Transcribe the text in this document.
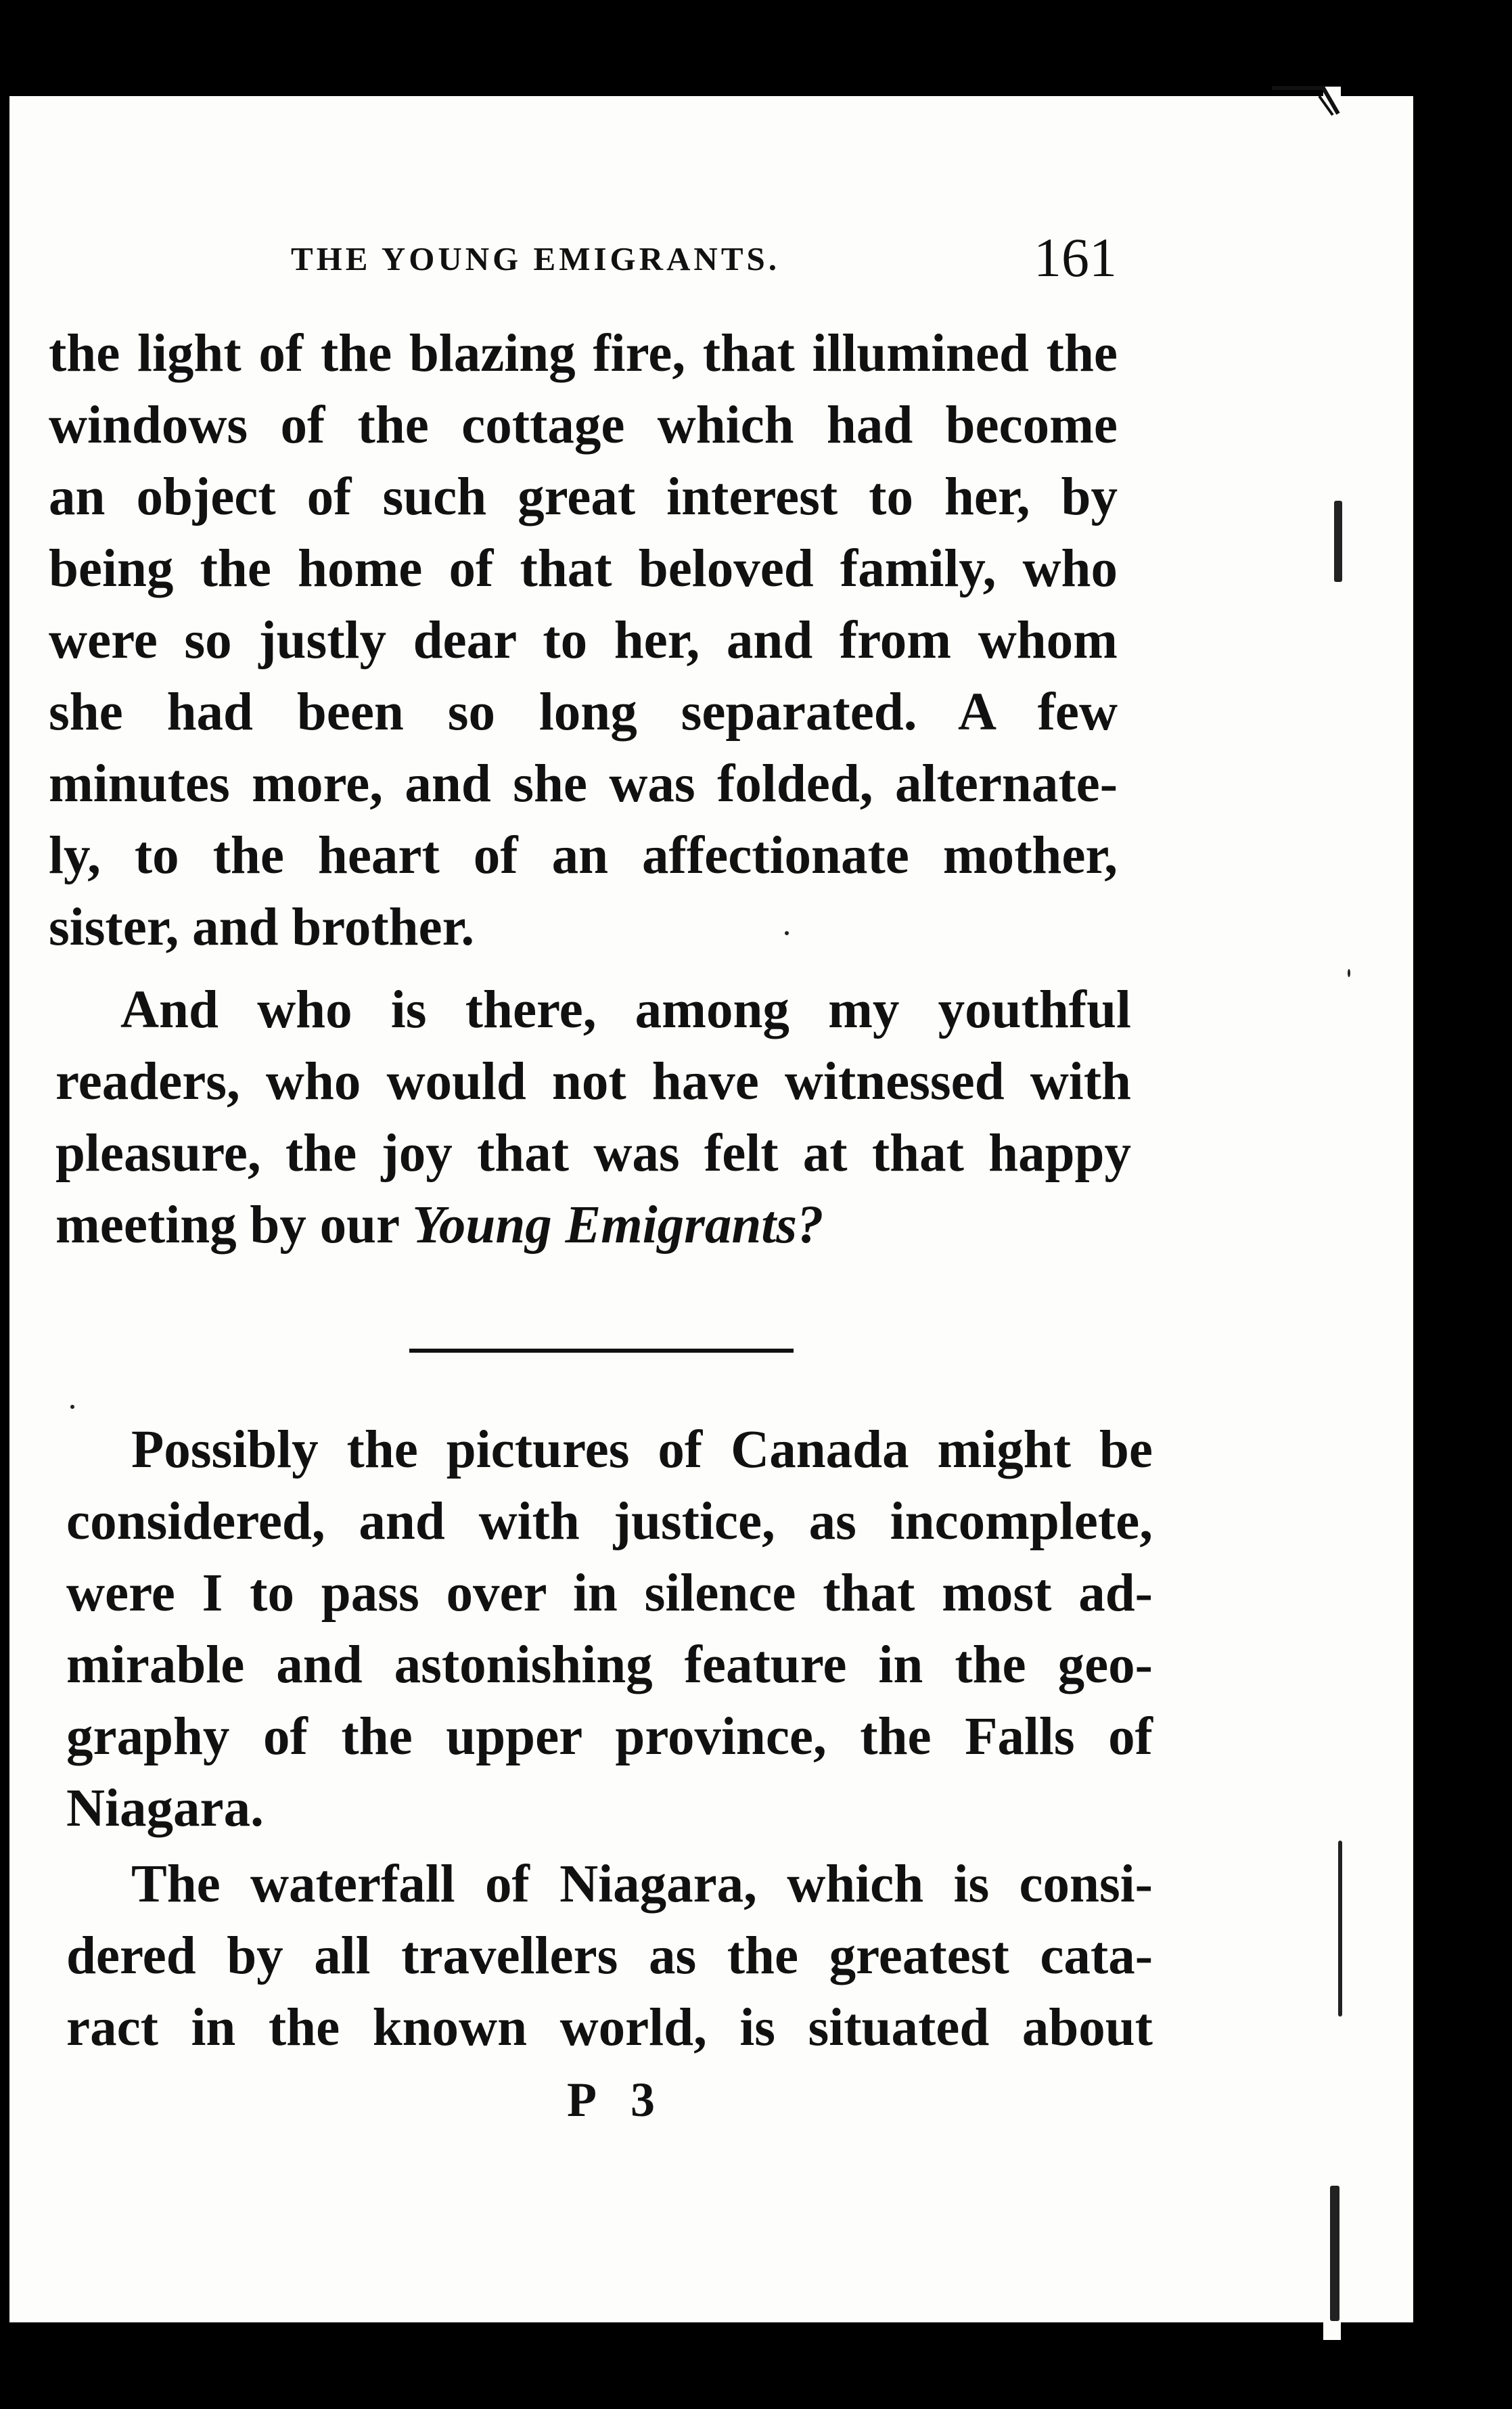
THE YOUNG EMIGRANTS.	161
the light of the blazing fire, that illumined the
windows of the cottage which had become
an object of such great interest to her, by
being the home of that beloved family, who
were so justly dear to her, and from whom
she had been so long separated. A few
minutes more, and she was folded, alternate-
ly, to the heart of an affectionate mother,
sister, and brother.
And who is there, among my youthful
readers, who would not have witnessed with
pleasure, the joy that was felt at that happy
meeting by our Young Emigrants?
Possibly the pictures of Canada might be
considered, and with justice, as incomplete,
were I to pass over in silence that most ad-
mirable and astonishing feature in the geo-
graphy of the upper province, the Falls of
Niagara.
The waterfall of Niagara, which is consi-
dered by all travellers as the greatest cata-
ract in the known world, is situated about
P 3
